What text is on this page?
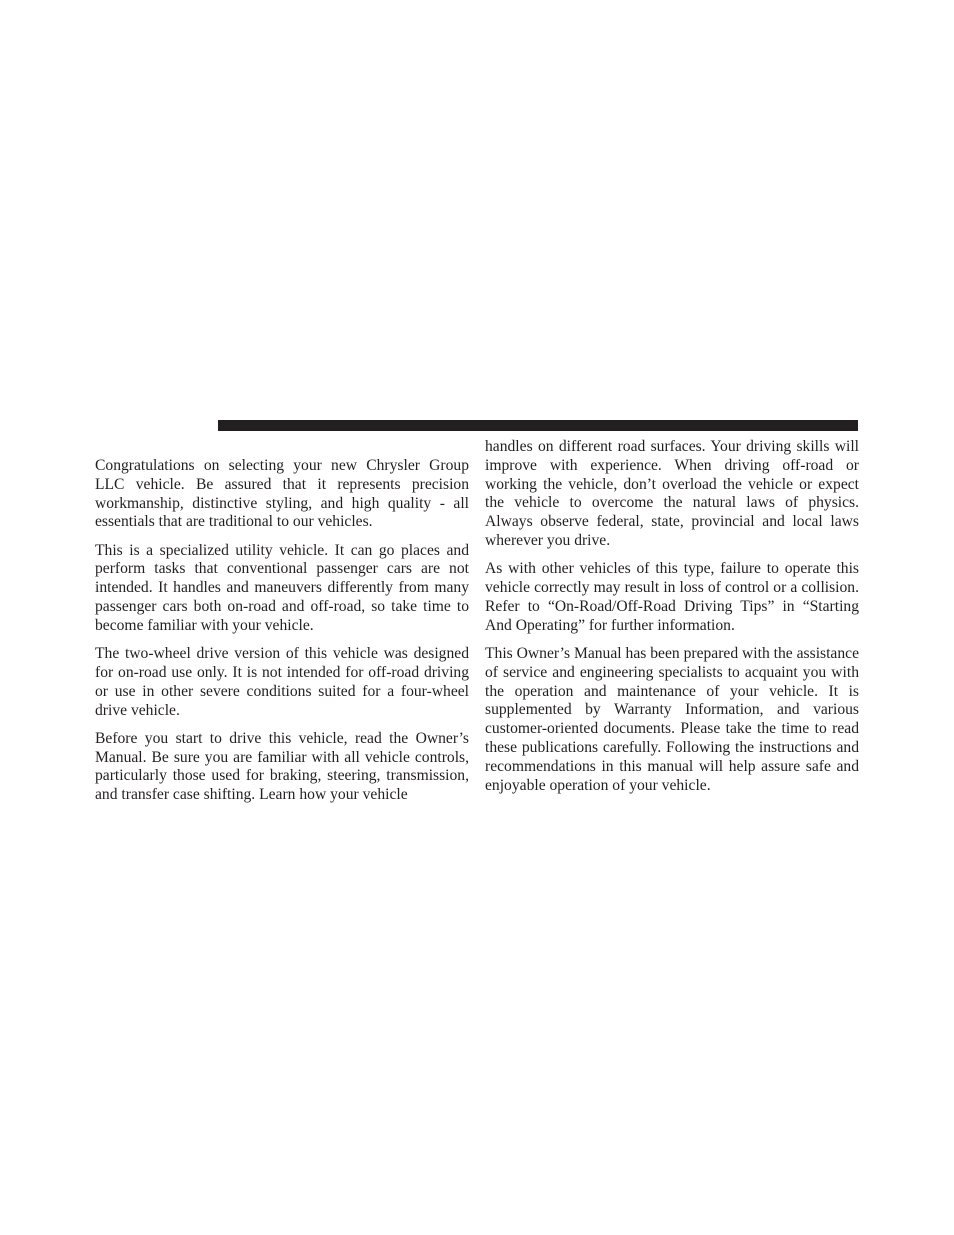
Congratulations on selecting your new Chrysler Group LLC vehicle. Be assured that it represents precision workmanship, distinctive styling, and high quality - all essentials that are traditional to our vehicles.

This is a specialized utility vehicle. It can go places and perform tasks that conventional passenger cars are not intended. It handles and maneuvers differently from many passenger cars both on-road and off-road, so take time to become familiar with your vehicle.

The two-wheel drive version of this vehicle was designed for on-road use only. It is not intended for off-road driving or use in other severe conditions suited for a four-wheel drive vehicle.

Before you start to drive this vehicle, read the Owner’s Manual. Be sure you are familiar with all vehicle controls, particularly those used for braking, steering, transmission, and transfer case shifting. Learn how your vehicle

handles on different road surfaces. Your driving skills will improve with experience. When driving off-road or working the vehicle, don’t overload the vehicle or expect the vehicle to overcome the natural laws of physics. Always observe federal, state, provincial and local laws wherever you drive.

As with other vehicles of this type, failure to operate this vehicle correctly may result in loss of control or a collision. Refer to “On-Road/Off-Road Driving Tips” in “Starting And Operating” for further information.

This Owner’s Manual has been prepared with the assistance of service and engineering specialists to acquaint you with the operation and maintenance of your vehicle. It is supplemented by Warranty Information, and various customer-oriented documents. Please take the time to read these publications carefully. Following the instructions and recommendations in this manual will help assure safe and enjoyable operation of your vehicle.
